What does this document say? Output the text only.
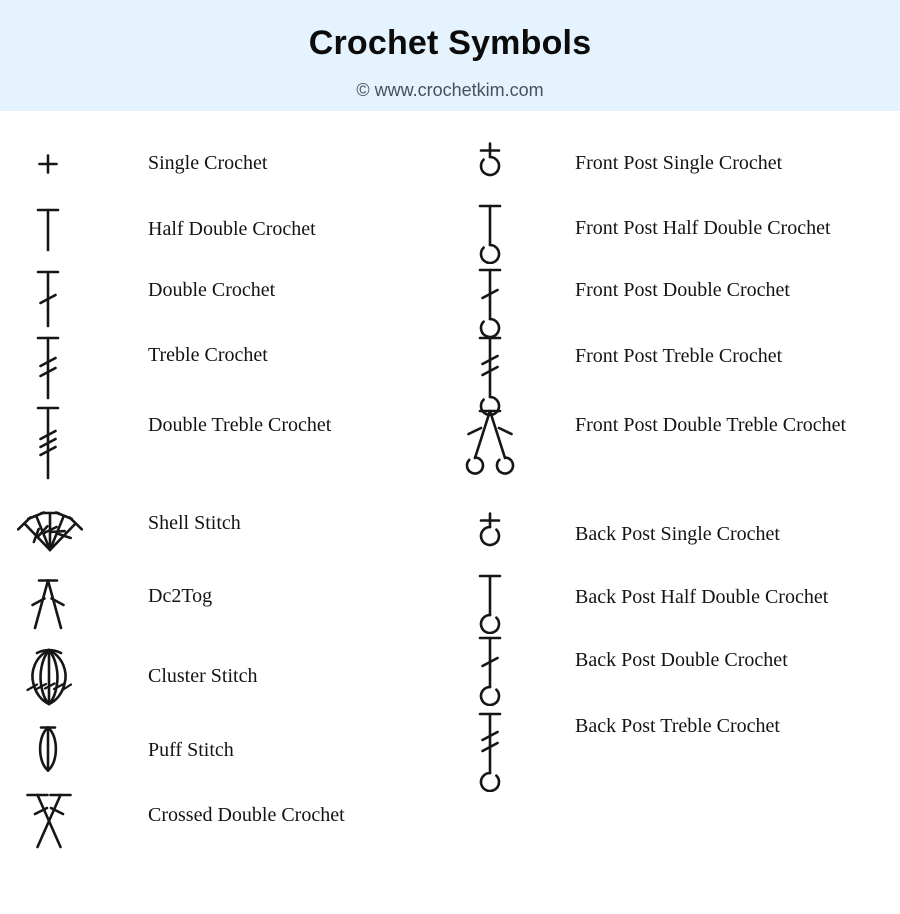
Crochet Symbols
© www.crochetkim.com
Single Crochet
Half Double Crochet
Double Crochet
Treble Crochet
Double Treble Crochet
Shell Stitch
Dc2Tog
Cluster Stitch
Puff Stitch
Crossed Double Crochet
Front Post Single Crochet
Front Post Half Double Crochet
Front Post Double Crochet
Front Post Treble Crochet
Front Post Double Treble Crochet
Back Post Single Crochet
Back Post Half Double Crochet
Back Post Double Crochet
Back Post Treble Crochet
